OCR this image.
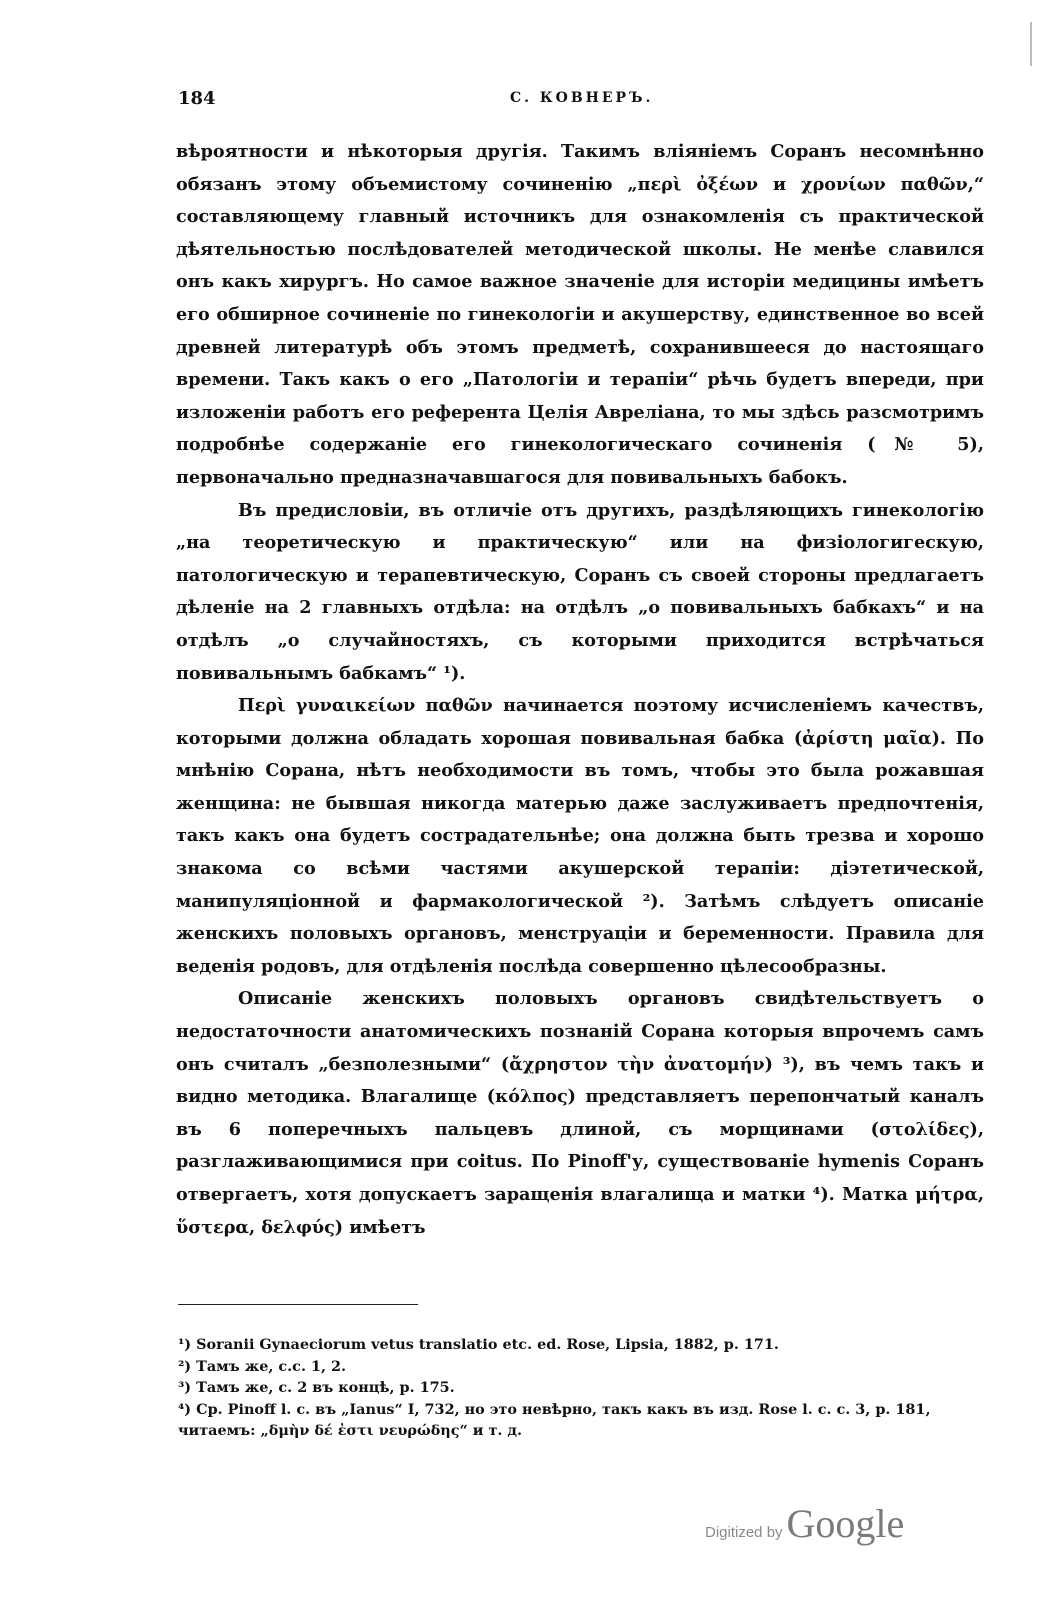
184	С. КОВНЕРЪ.

вѣроятности и нѣкоторыя другія. Такимъ вліяніемъ Соранъ несомнѣнно обязанъ этому объемистому сочиненію „περὶ ὀξέων и χρονίων παθῶν,“ составляющему главный источникъ для ознакомленія съ практической дѣятельностью послѣдователей методической школы. Не менѣе славился онъ какъ хирургъ. Но самое важное значеніе для исторіи медицины имѣетъ его обширное сочиненіе по гинекологіи и акушерству, единственное во всей древней литературѣ объ этомъ предметѣ, сохранившееся до настоящаго времени. Такъ какъ о его „Патологіи и терапіи“ рѣчь будетъ впереди, при изложеніи работъ его референта Целія Авреліана, то мы здѣсь разсмотримъ подробнѣе содержаніе его гинекологическаго сочиненія (№ 5), первоначально предназначавшагося для повивальныхъ бабокъ.

Въ предисловіи, въ отличіе отъ другихъ, раздѣляющихъ гинекологію „на теоретическую и практическую“ или на физіологигескую, патологическую и терапевтическую, Соранъ съ своей стороны предлагаетъ дѣленіе на 2 главныхъ отдѣла: на отдѣлъ „о повивальныхъ бабкахъ“ и на отдѣлъ „о случайностяхъ, съ которыми приходится встрѣчаться повивальнымъ бабкамъ“ ¹).

Περὶ γυναικείων παθῶν начинается поэтому исчисленіемъ качествъ, которыми должна обладать хорошая повивальная бабка (ἀρίστη μαῖα). По мнѣнію Сорана, нѣтъ необходимости въ томъ, чтобы это была рожавшая женщина: не бывшая никогда матерью даже заслуживаетъ предпочтенія, такъ какъ она будетъ сострадательнѣе; она должна быть трезва и хорошо знакома со всѣми частями акушерской терапіи: діэтетической, манипуляціонной и фармакологической ²). Затѣмъ слѣдуетъ описаніе женскихъ половыхъ органовъ, менструаціи и беременности. Правила для веденія родовъ, для отдѣленія послѣда совершенно цѣлесообразны.

Описаніе женскихъ половыхъ органовъ свидѣтельствуетъ о недостаточности анатомическихъ познаній Сорана которыя впрочемъ самъ онъ считалъ „безполезными“ (ἄχρηστον τὴν ἀνατομήν) ³), въ чемъ такъ и видно методика. Влагалище (κόλπος) представляетъ перепончатый каналъ въ 6 поперечныхъ пальцевъ длиной, съ морщинами (στολίδες), разглаживающимися при coitus. По Pinoff'у, существованіе hymenis Соранъ отвергаетъ, хотя допускаетъ заращенія влагалища и матки ⁴). Матка μήτρα, ὕστερα, δελφύς) имѣетъ

¹) Soranii Gynaeciorum vetus translatio etc. ed. Rose, Lipsia, 1882, p. 171.

²) Тамъ же, с.с. 1, 2.

³) Тамъ же, с. 2 въ концѣ, p. 175.

⁴) Ср. Pinoff l. c. въ „Ianus“ I, 732, но это невѣрно, такъ какъ въ изд. Rose l. c. с. 3, p. 181, читаемъ: „δμὴν δέ ἐστι νευρώδης“ и т. д.

Digitized by Google
